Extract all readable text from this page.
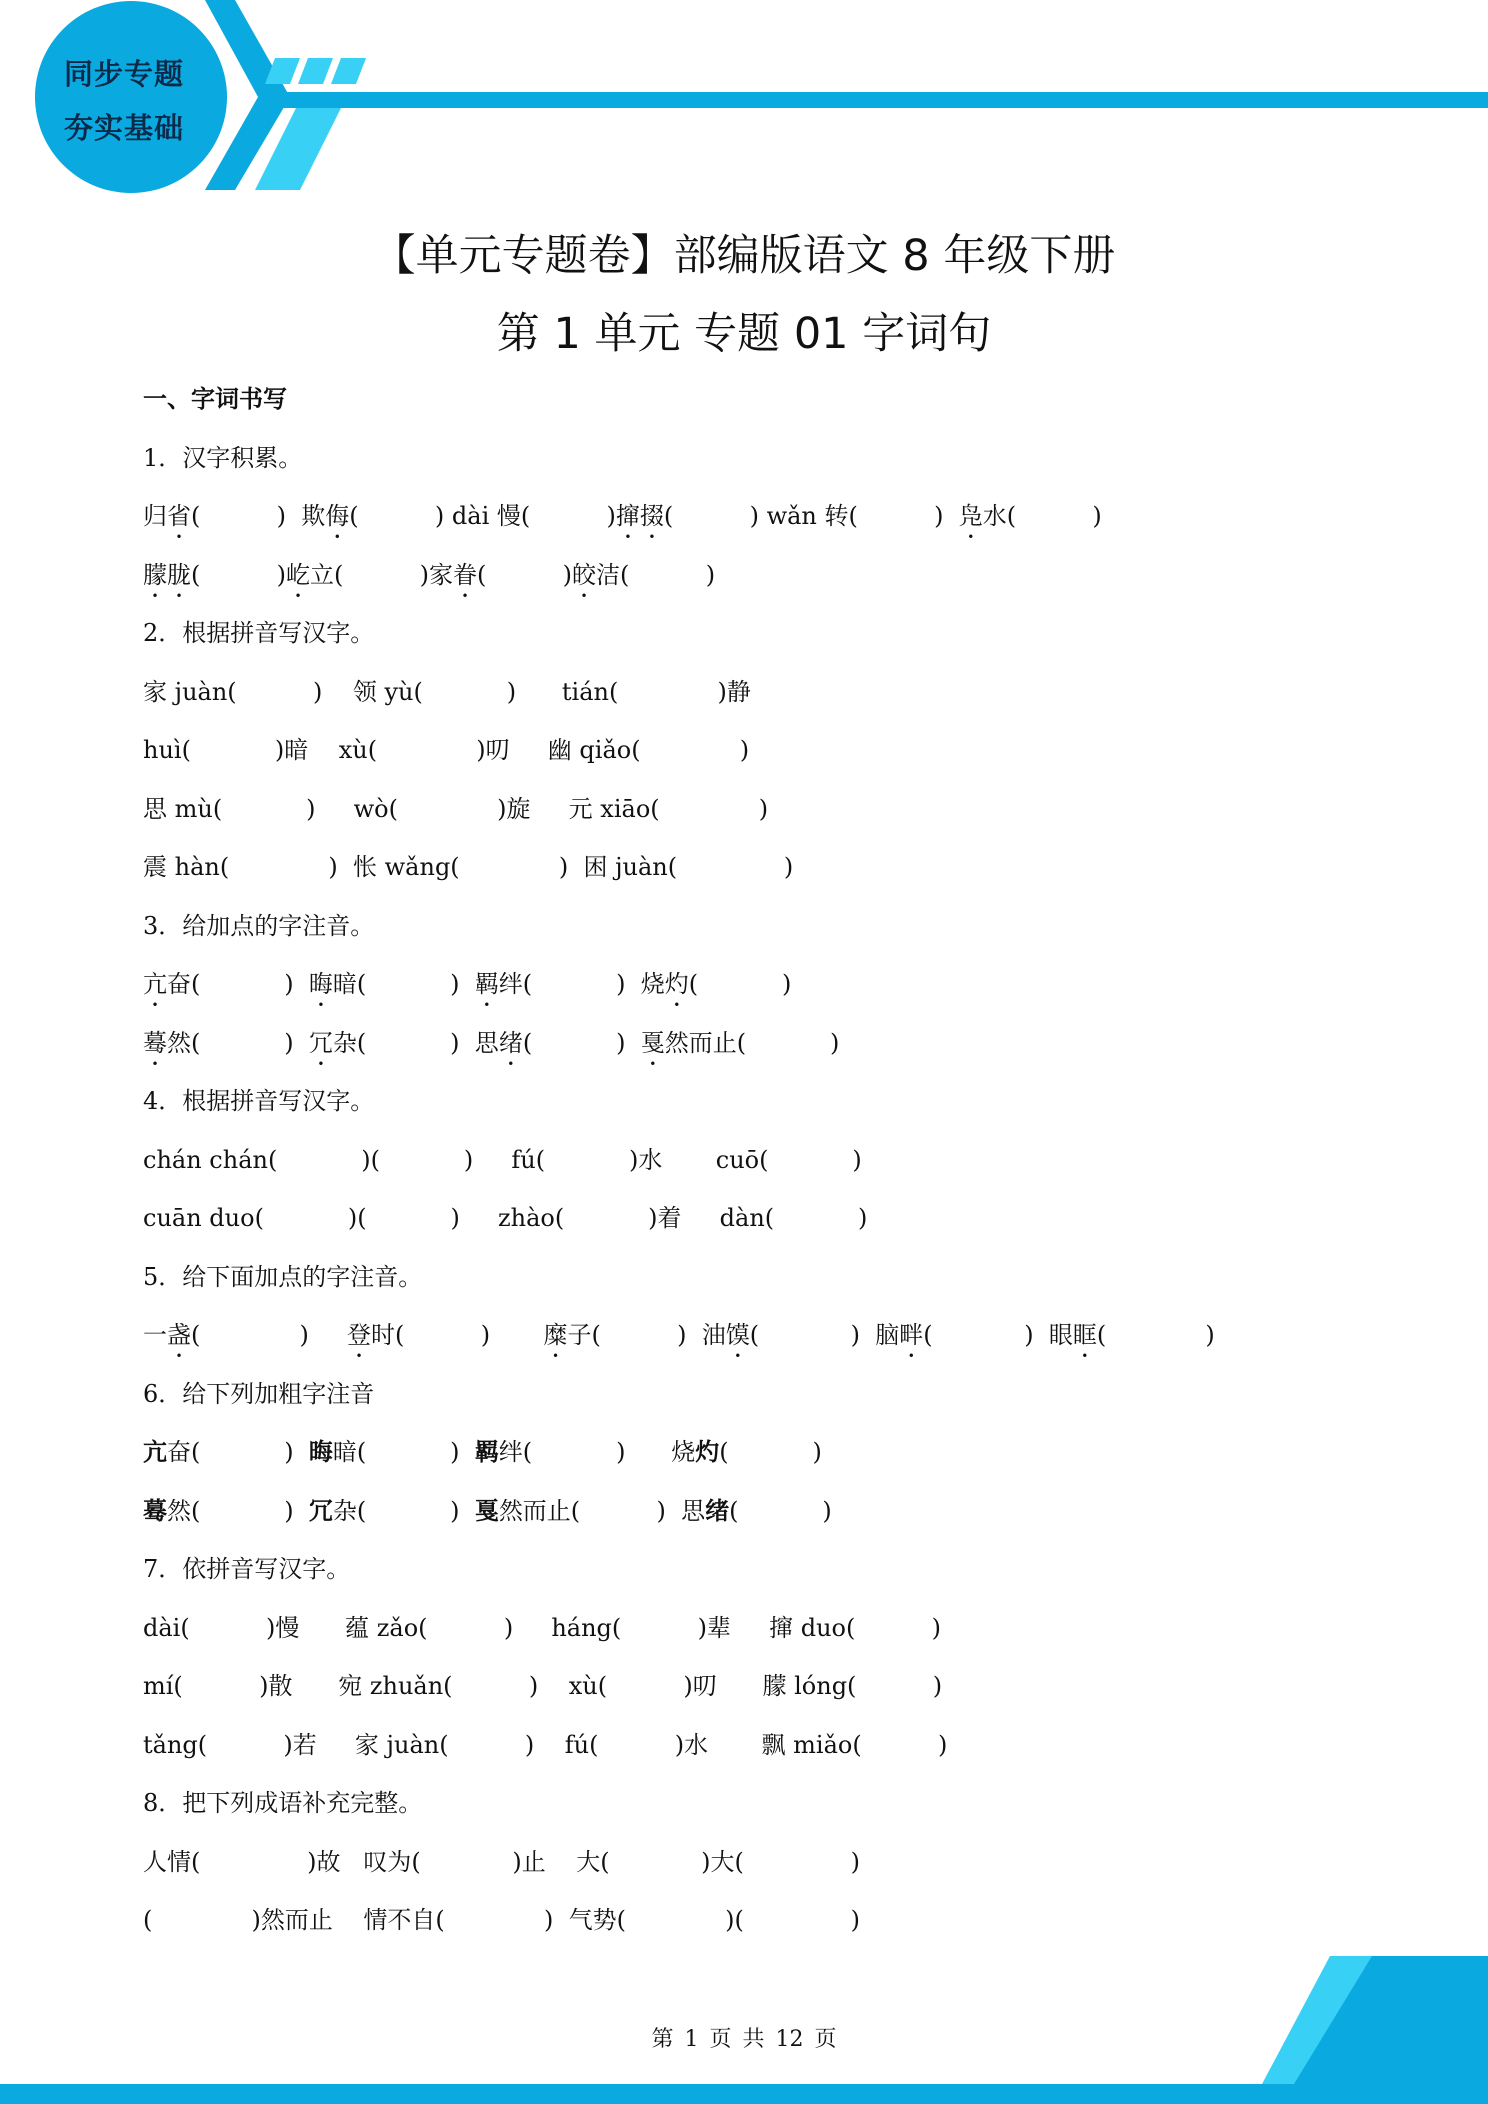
同步专题
夯实基础
【单元专题卷】部编版语文 8 年级下册
第 1 单元 专题 01 字词句
一、字词书写
1．汉字积累。
归省(          )  欺侮(          ) dài 慢(          )撺掇(          ) wǎn 转(          )  凫水(          )
朦胧(          )屹立(          )家眷(          )皎洁(          )
2．根据拼音写汉字。
家 juàn(          )    领 yù(           )      tián(             )静
huì(           )暗    xù(             )叨     幽 qiǎo(             )
思 mù(           )     wò(             )旋     元 xiāo(             )
震 hàn(             )  怅 wǎng(             )  困 juàn(              )
3．给加点的字注音。
亢奋(           )  晦暗(           )  羁绊(           )  烧灼(           )
蓦然(           )  冗杂(           )  思绪(           )  戛然而止(           )
4．根据拼音写汉字。
chán chán(           )(           )     fú(           )水       cuō(           )
cuān duo(           )(           )     zhào(           )着     dàn(           )
5．给下面加点的字注音。
一盏(             )     登时(          )       糜子(          )  油馍(            )  脑畔(            )  眼眶(             )
6．给下列加粗字注音
亢奋(           )  晦暗(           )  羁绊(           )      烧灼(           )
蓦然(           )  冗杂(           )  戛然而止(          )  思绪(           )
7．依拼音写汉字。
dài(          )慢      蕴 zǎo(          )     háng(          )辈     撺 duo(          )
mí(          )散      宛 zhuǎn(          )    xù(          )叨      朦 lóng(          )
tǎng(          )若     家 juàn(          )    fú(          )水       飘 miǎo(          )
8．把下列成语补充完整。
人情(              )故   叹为(            )止    大(            )大(              )
(             )然而止    情不自(             )  气势(             )(              )
第 1 页 共 12 页
